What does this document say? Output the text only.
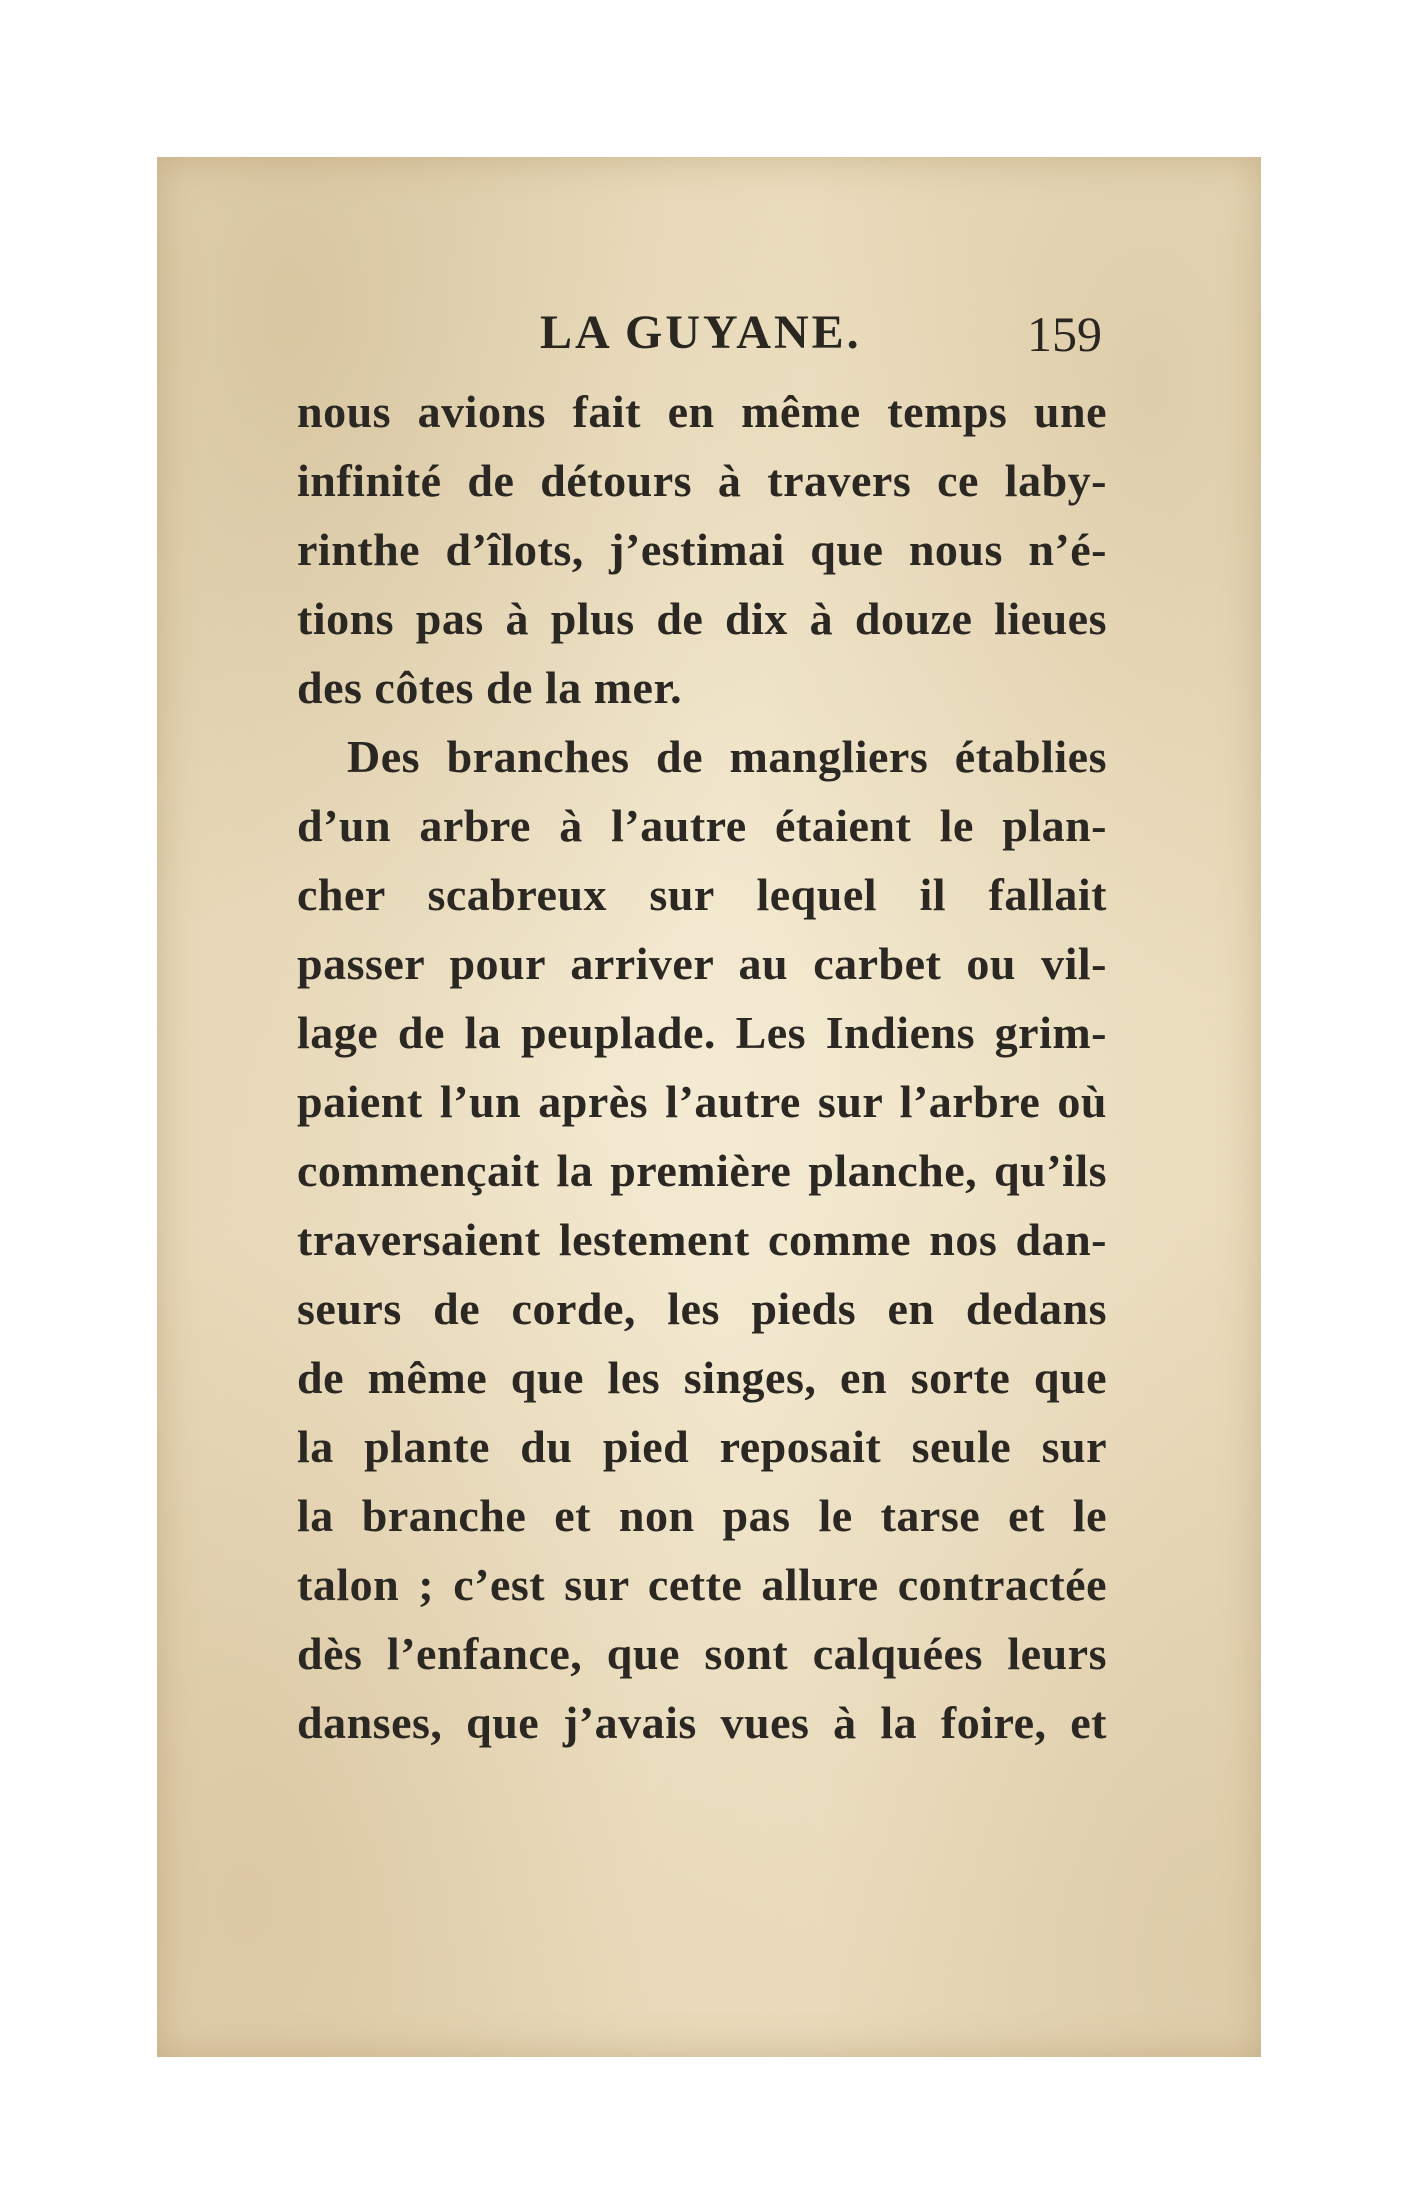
LA GUYANE.	159
nous avions fait en même temps une
infinité de détours à travers ce laby-
rinthe d’îlots, j’estimai que nous n’é-
tions pas à plus de dix à douze lieues
des côtes de la mer.
Des branches de mangliers établies
d’un arbre à l’autre étaient le plan-
cher scabreux sur lequel il fallait
passer pour arriver au carbet ou vil-
lage de la peuplade. Les Indiens grim-
paient l’un après l’autre sur l’arbre où
commençait la première planche, qu’ils
traversaient lestement comme nos dan-
seurs de corde, les pieds en dedans
de même que les singes, en sorte que
la plante du pied reposait seule sur
la branche et non pas le tarse et le
talon ; c’est sur cette allure contractée
dès l’enfance, que sont calquées leurs
danses, que j’avais vues à la foire, et
